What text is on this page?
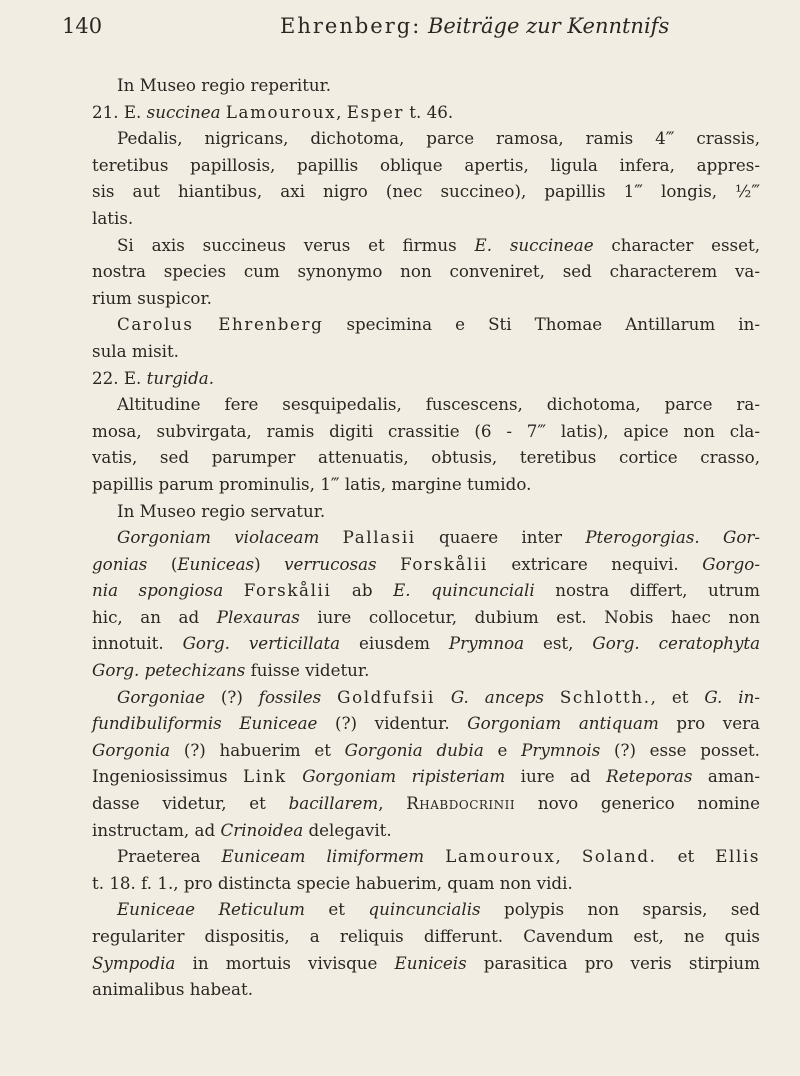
140	Ehrenberg: Beiträge zur Kenntnifs
In Museo regio reperitur.
21. E. succinea Lamouroux, Esper t. 46.
Pedalis, nigricans, dichotoma, parce ramosa, ramis 4‴ crassis,
teretibus papillosis, papillis oblique apertis, ligula infera, appres-
sis aut hiantibus, axi nigro (nec succineo), papillis 1‴ longis, ½‴
latis.
Si axis succineus verus et firmus E. succineae character esset,
nostra species cum synonymo non conveniret, sed characterem va-
rium suspicor.
Carolus Ehrenberg specimina e Sti Thomae Antillarum in-
sula misit.
22. E. turgida.
Altitudine fere sesquipedalis, fuscescens, dichotoma, parce ra-
mosa, subvirgata, ramis digiti crassitie (6 - 7‴ latis), apice non cla-
vatis, sed parumper attenuatis, obtusis, teretibus cortice crasso,
papillis parum prominulis, 1‴ latis, margine tumido.
In Museo regio servatur.
Gorgoniam violaceam Pallasii quaere inter Pterogorgias. Gor-
gonias (Euniceas) verrucosas Forskålii extricare nequivi. Gorgo-
nia spongiosa Forskålii ab E. quincunciali nostra differt, utrum
hic, an ad Plexauras iure collocetur, dubium est. Nobis haec non
innotuit. Gorg. verticillata eiusdem Prymnoa est, Gorg. ceratophyta
Gorg. petechizans fuisse videtur.
Gorgoniae (?) fossiles Goldfufsii G. anceps Schlotth., et G. in-
fundibuliformis Euniceae (?) videntur. Gorgoniam antiquam pro vera
Gorgonia (?) habuerim et Gorgonia dubia e Prymnois (?) esse posset.
Ingeniosissimus Link Gorgoniam ripisteriam iure ad Reteporas aman-
dasse videtur, et bacillarem, Rhabdocrinii novo generico nomine
instructam, ad Crinoidea delegavit.
Praeterea Euniceam limiformem Lamouroux, Soland. et Ellis
t. 18. f. 1., pro distincta specie habuerim, quam non vidi.
Euniceae Reticulum et quincuncialis polypis non sparsis, sed
regulariter dispositis, a reliquis differunt. Cavendum est, ne quis
Sympodia in mortuis vivisque Euniceis parasitica pro veris stirpium
animalibus habeat.
